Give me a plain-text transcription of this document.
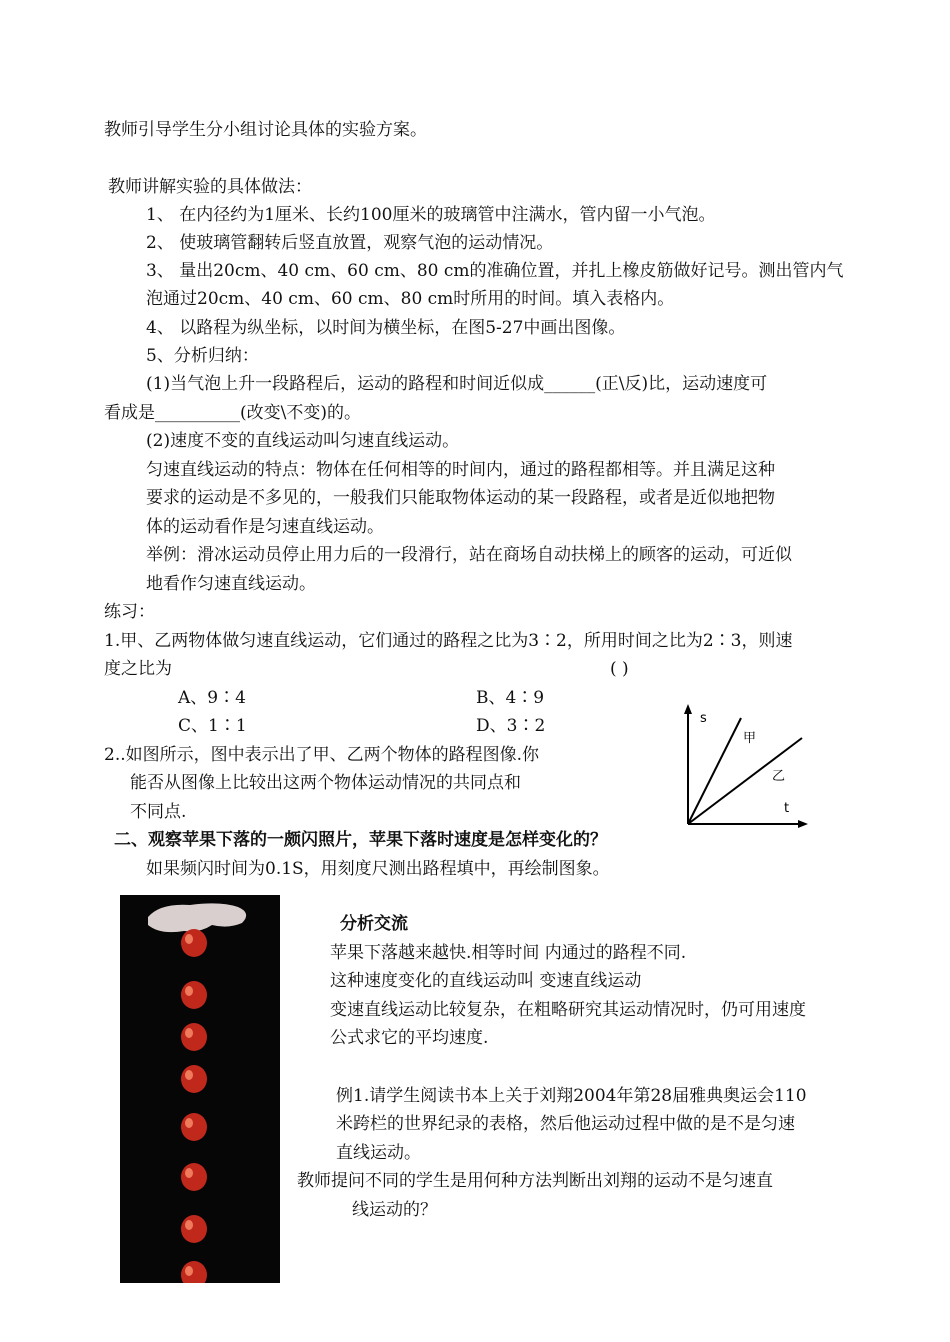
教师引导学生分小组讨论具体的实验方案。
教师讲解实验的具体做法：
1、 在内径约为1厘米、长约100厘米的玻璃管中注满水，管内留一小气泡。
2、 使玻璃管翻转后竖直放置，观察气泡的运动情况。
3、 量出20cm、40 cm、60 cm、80 cm的准确位置，并扎上橡皮筋做好记号。测出管内气
泡通过20cm、40 cm、60 cm、80 cm时所用的时间。填入表格内。
4、 以路程为纵坐标，以时间为横坐标，在图5-27中画出图像。
5、分析归纳：
(1)当气泡上升一段路程后，运动的路程和时间近似成______(正\反)比，运动速度可
看成是__________(改变\不变)的。
(2)速度不变的直线运动叫匀速直线运动。
匀速直线运动的特点：物体在任何相等的时间内，通过的路程都相等。并且满足这种
要求的运动是不多见的，一般我们只能取物体运动的某一段路程，或者是近似地把物
体的运动看作是匀速直线运动。
举例：滑冰运动员停止用力后的一段滑行，站在商场自动扶梯上的顾客的运动，可近似
地看作匀速直线运动。
练习：
1.甲、乙两物体做匀速直线运动，它们通过的路程之比为3∶2，所用时间之比为2∶3，则速
度之比为	( )
A、9∶4	B、4∶9
C、1∶1	D、3∶2
2..如图所示，图中表示出了甲、乙两个物体的路程图像.你
能否从图像上比较出这两个物体运动情况的共同点和
不同点.
二、观察苹果下落的一颇闪照片，苹果下落时速度是怎样变化的？
如果频闪时间为0.1S，用刻度尺测出路程填中，再绘制图象。
分析交流
苹果下落越来越快.相等时间 内通过的路程不同.
这种速度变化的直线运动叫 变速直线运动
变速直线运动比较复杂，在粗略研究其运动情况时，仍可用速度
公式求它的平均速度.
例1.请学生阅读书本上关于刘翔2004年第28届雅典奥运会110
米跨栏的世界纪录的表格，然后他运动过程中做的是不是匀速
直线运动。
教师提问不同的学生是用何种方法判断出刘翔的运动不是匀速直
线运动的？
s
t
甲
乙
